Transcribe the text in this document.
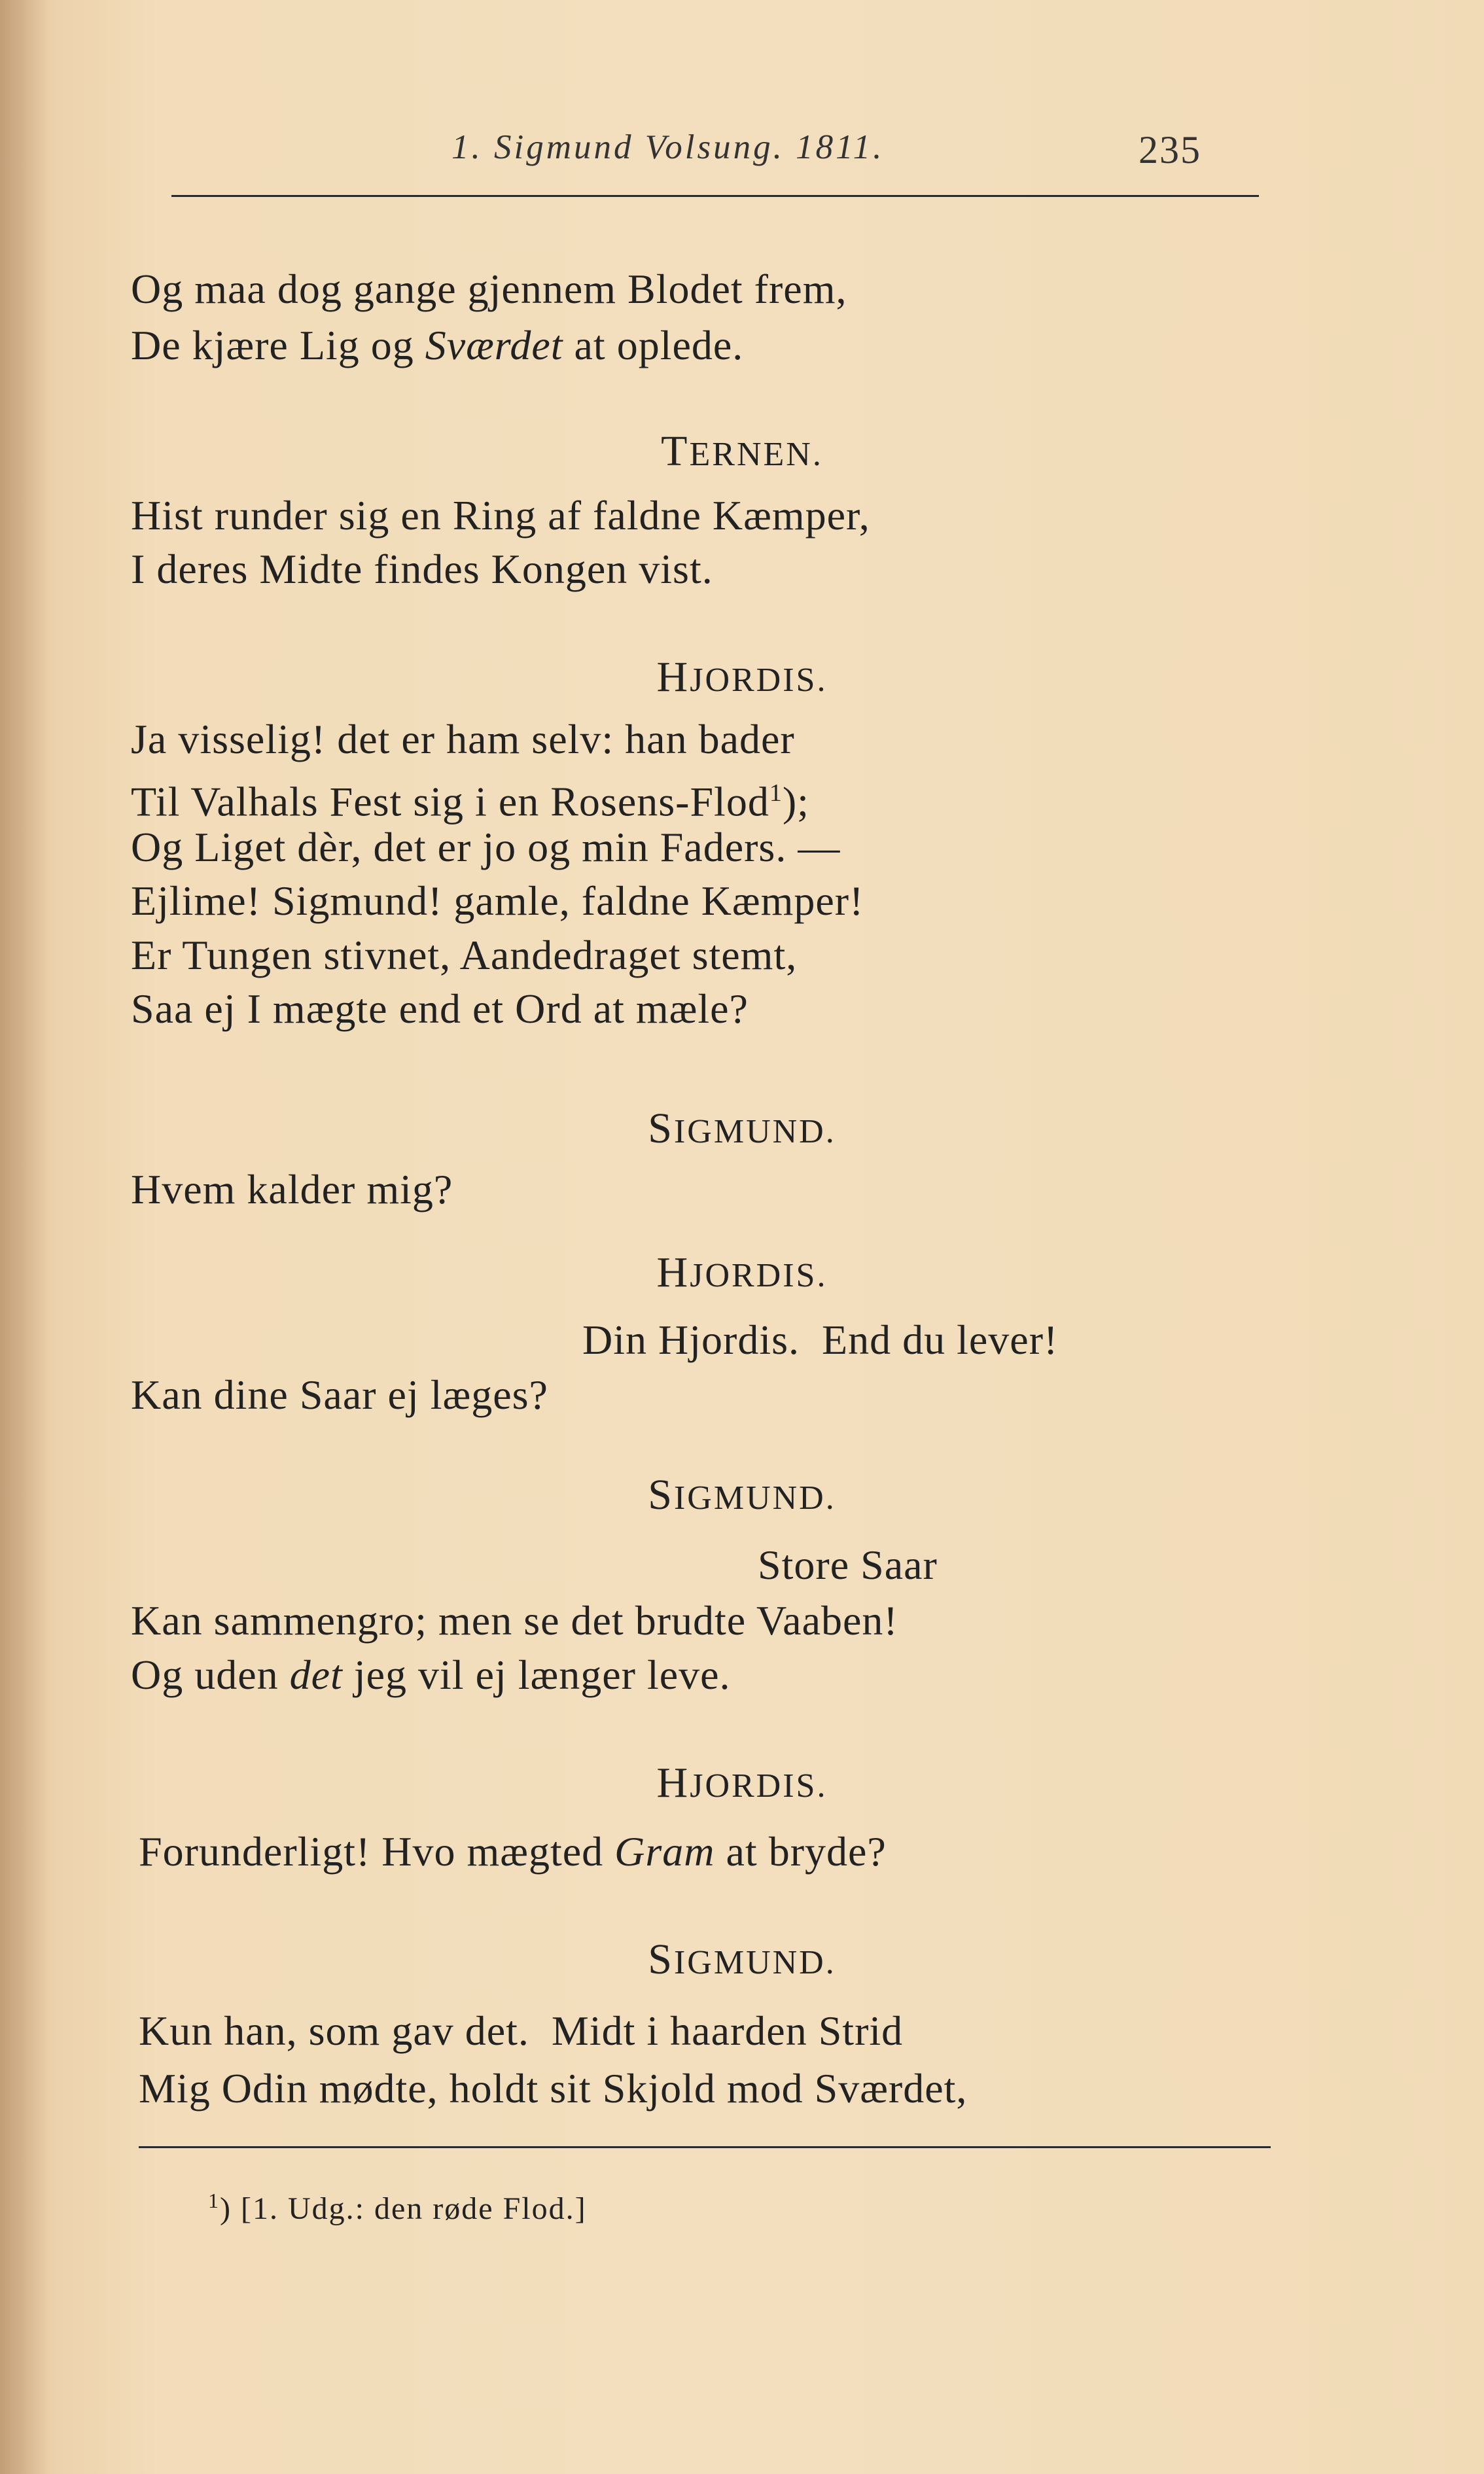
1. Sigmund Volsung. 1811.	235
Og maa dog gange gjennem Blodet frem,
De kjære Lig og Sværdet at oplede.
TERNEN.
Hist runder sig en Ring af faldne Kæmper,
I deres Midte findes Kongen vist.
HJORDIS.
Ja visselig! det er ham selv: han bader
Til Valhals Fest sig i en Rosens-Flod$^1$);
Og Liget dèr, det er jo og min Faders. —
Ejlime! Sigmund! gamle, faldne Kæmper!
Er Tungen stivnet, Aandedraget stemt,
Saa ej I mægte end et Ord at mæle?
SIGMUND.
Hvem kalder mig?
HJORDIS.
Din Hjordis.  End du lever!
Kan dine Saar ej læges?
SIGMUND.
Store Saar
Kan sammengro; men se det brudte Vaaben!
Og uden det jeg vil ej længer leve.
HJORDIS.
Forunderligt! Hvo mægted Gram at bryde?
SIGMUND.
Kun han, som gav det.  Midt i haarden Strid
Mig Odin mødte, holdt sit Skjold mod Sværdet,
$^1$) [1. Udg.: den røde Flod.]
